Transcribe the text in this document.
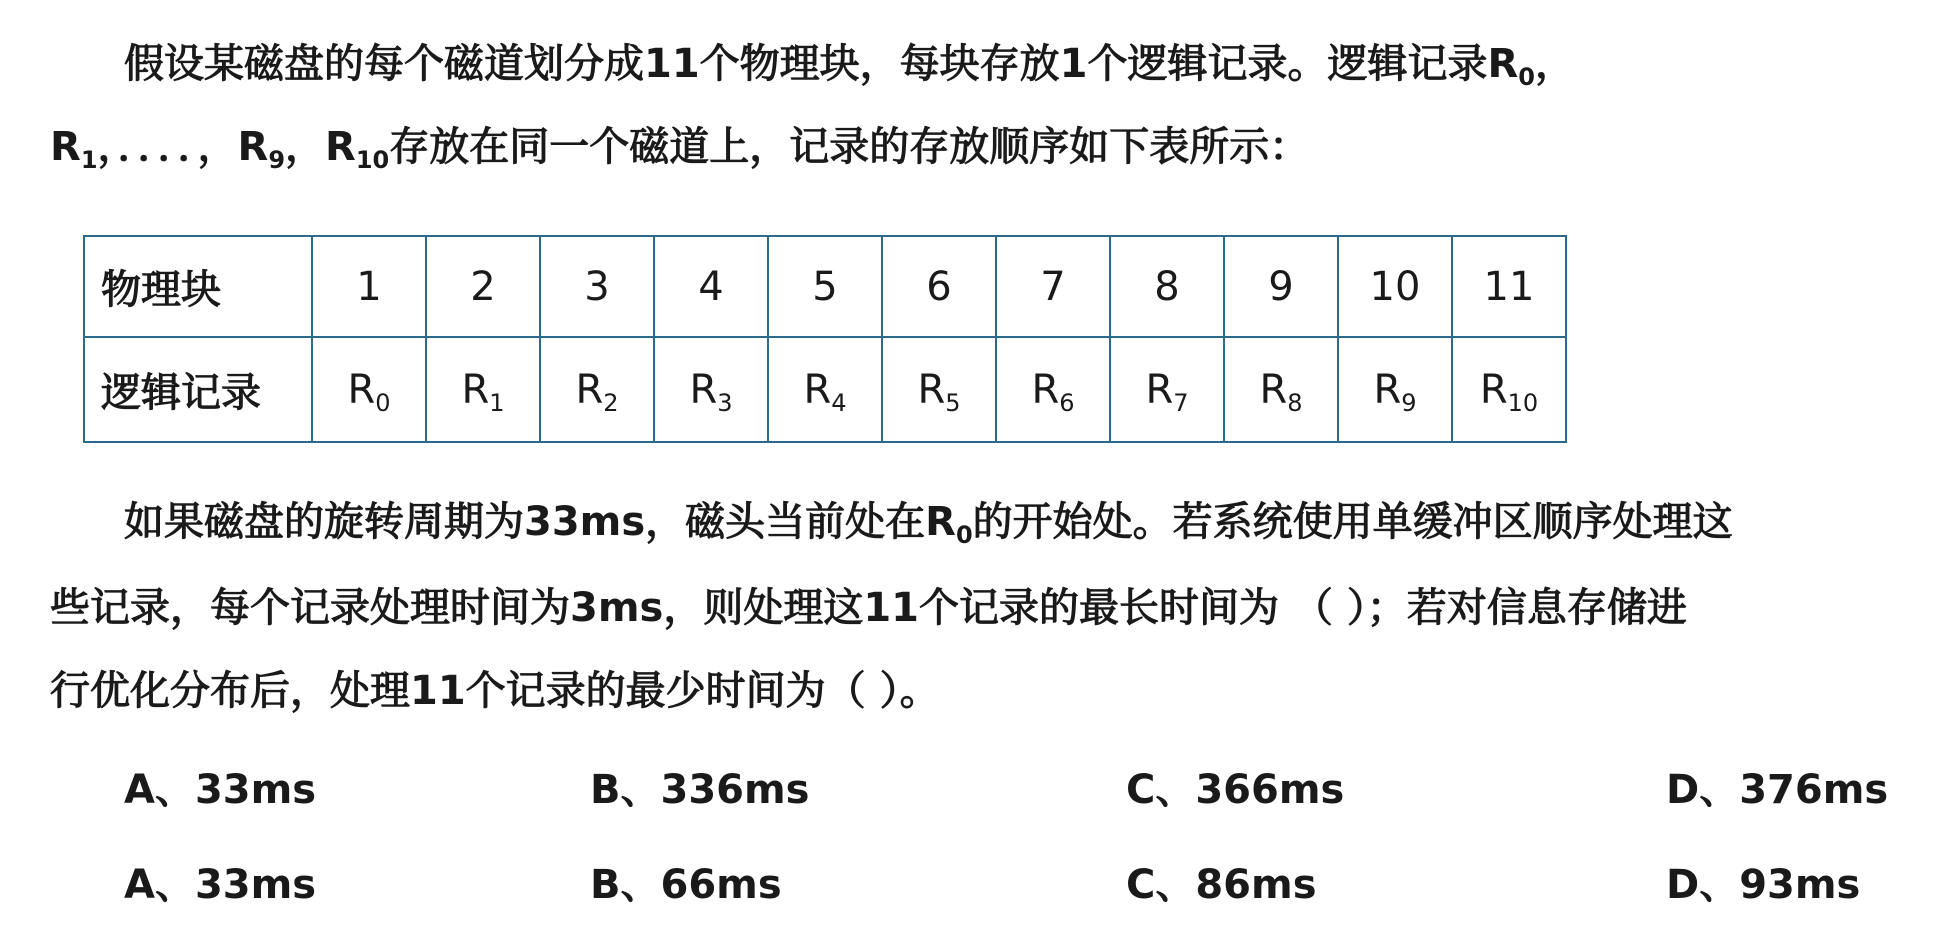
假设某磁盘的每个磁道划分成11个物理块，每块存放1个逻辑记录。逻辑记录$R_0$，
$R_1$，．．．．，$R_9$，$R_{10}$存放在同一个磁道上，记录的存放顺序如下表所示：
物理块	1	2	3	4	5	6	7	8	9	10	11
逻辑记录	$R_0$	$R_1$	$R_2$	$R_3$	$R_4$	$R_5$	$R_6$	$R_7$	$R_8$	$R_9$	$R_{10}$
如果磁盘的旋转周期为33ms，磁头当前处在$R_0$的开始处。若系统使用单缓冲区顺序处理这
些记录，每个记录处理时间为3ms，则处理这11个记录的最长时间为 （ ）；若对信息存储进
行优化分布后，处理11个记录的最少时间为（ ）。
A、33ms	B、336ms	C、366ms	D、376ms
A、33ms	B、66ms	C、86ms	D、93ms
